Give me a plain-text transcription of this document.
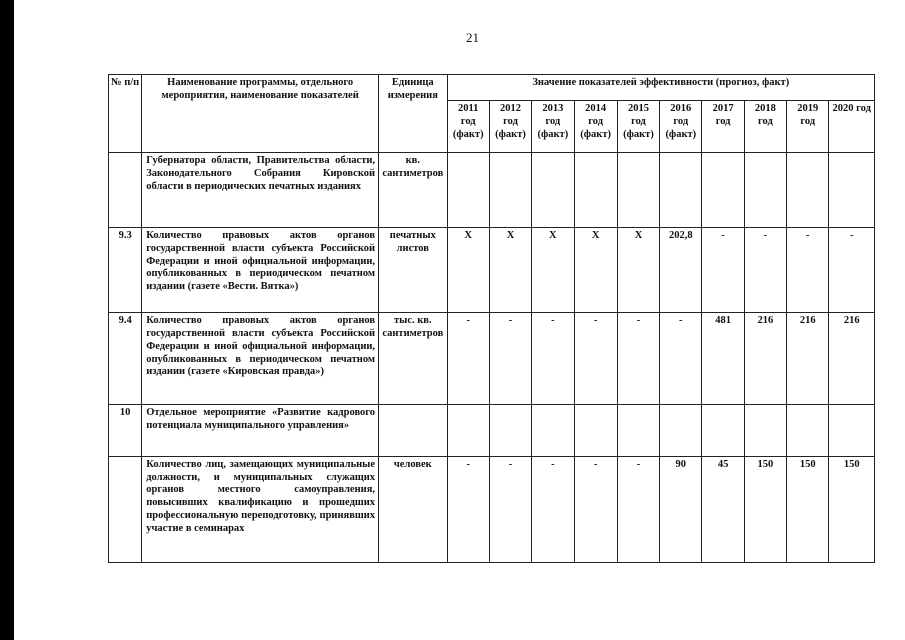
21
№ п/п	Наименование программы, отдельного мероприятия, наименование показателей	Единица измерения	Значение показателей эффективности (прогноз, факт)									
			2011 год (факт)	2012 год (факт)	2013 год (факт)	2014 год (факт)	2015 год (факт)	2016 год (факт)	2017 год	2018 год	2019 год	2020 год
	Губернатора области, Правительства области, Законодательного Собрания Кировской области в периодических печатных изданиях	кв. сантиметров										
9.3	Количество правовых актов органов государственной власти субъекта Российской Федерации и иной официальной информации, опубликованных в периодическом печатном издании (газете «Вести. Вятка»)	печатных листов	Х	Х	Х	Х	Х	202,8	-	-	-	-
9.4	Количество правовых актов органов государственной власти субъекта Российской Федерации и иной официальной информации, опубликованных в периодическом печатном издании (газете «Кировская правда»)	тыс. кв. сантиметров	-	-	-	-	-	-	481	216	216	216
10	Отдельное мероприятие «Развитие кадрового потенциала муниципального управления»											
	Количество лиц, замещающих муниципальные должности, и муниципальных служащих органов местного самоуправления, повысивших квалификацию и прошедших профессиональную переподготовку, принявших участие в семинарах	человек	-	-	-	-	-	90	45	150	150	150
